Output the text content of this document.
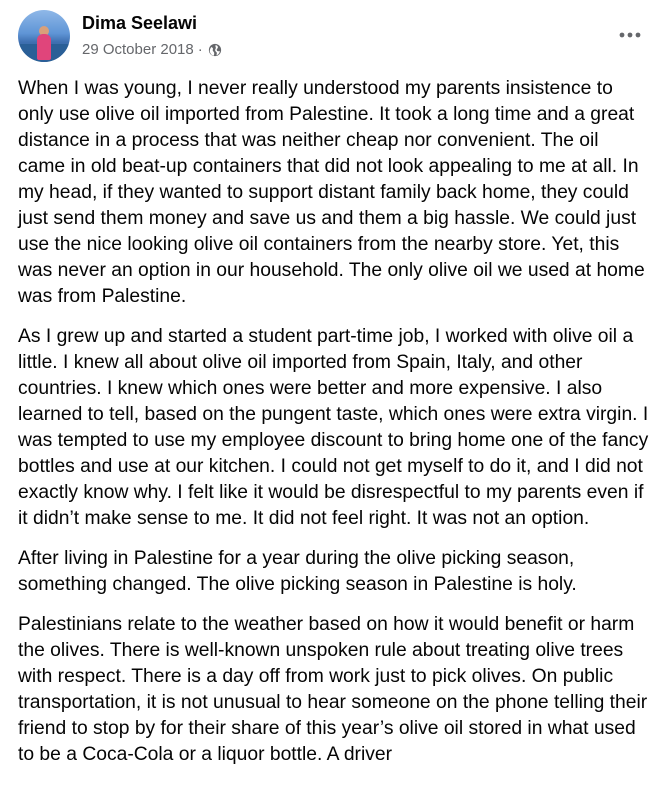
Dima Seelawi
29 October 2018 ·

When I was young, I never really understood my parents insistence to only use olive oil imported from Palestine. It took a long time and a great distance in a process that was neither cheap nor convenient. The oil came in old beat-up containers that did not look appealing to me at all. In my head, if they wanted to support distant family back home, they could just send them money and save us and them a big hassle. We could just use the nice looking olive oil containers from the nearby store. Yet, this was never an option in our household. The only olive oil we used at home was from Palestine.

As I grew up and started a student part-time job, I worked with olive oil a little. I knew all about olive oil imported from Spain, Italy, and other countries. I knew which ones were better and more expensive. I also learned to tell, based on the pungent taste, which ones were extra virgin. I was tempted to use my employee discount to bring home one of the fancy bottles and use at our kitchen. I could not get myself to do it, and I did not exactly know why. I felt like it would be disrespectful to my parents even if it didn’t make sense to me. It did not feel right. It was not an option.

After living in Palestine for a year during the olive picking season, something changed. The olive picking season in Palestine is holy.

Palestinians relate to the weather based on how it would benefit or harm the olives. There is well-known unspoken rule about treating olive trees with respect. There is a day off from work just to pick olives. On public transportation, it is not unusual to hear someone on the phone telling their friend to stop by for their share of this year’s olive oil stored in what used to be a Coca-Cola or a liquor bottle. A driver
